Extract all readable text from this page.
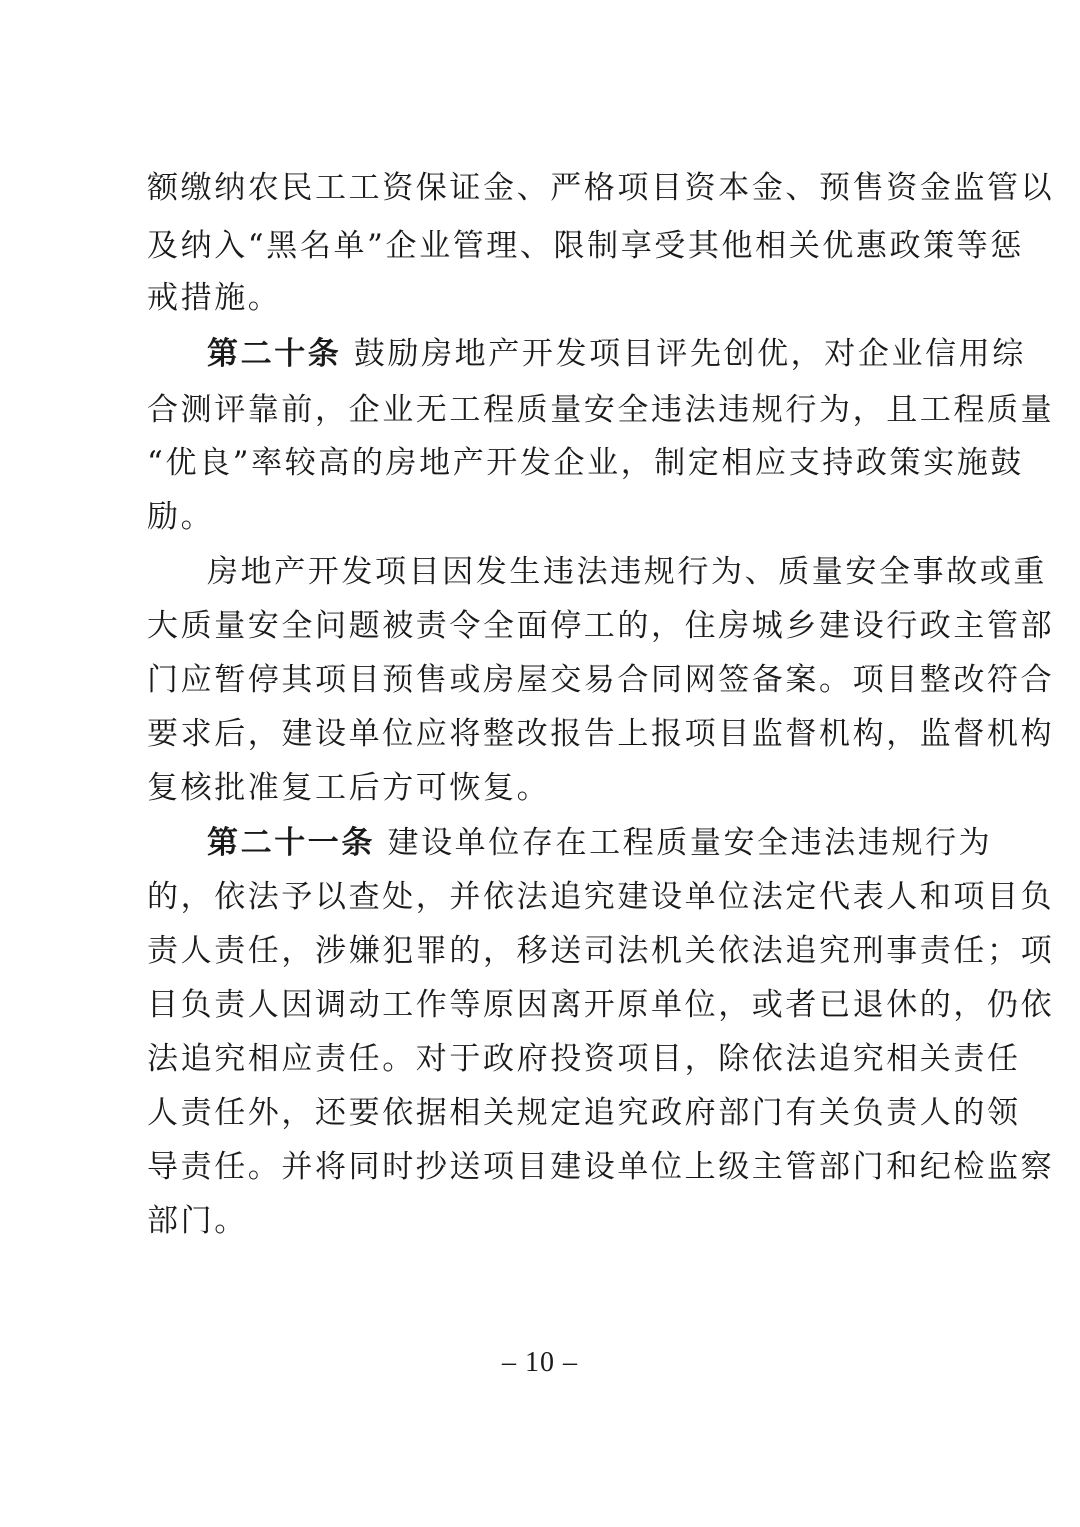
额缴纳农民工工资保证金、严格项目资本金、预售资金监管以
及纳入“黑名单”企业管理、限制享受其他相关优惠政策等惩
戒措施。
第二十条 鼓励房地产开发项目评先创优，对企业信用综
合测评靠前，企业无工程质量安全违法违规行为，且工程质量
“优良”率较高的房地产开发企业，制定相应支持政策实施鼓
励。
房地产开发项目因发生违法违规行为、质量安全事故或重
大质量安全问题被责令全面停工的，住房城乡建设行政主管部
门应暂停其项目预售或房屋交易合同网签备案。项目整改符合
要求后，建设单位应将整改报告上报项目监督机构，监督机构
复核批准复工后方可恢复。
第二十一条 建设单位存在工程质量安全违法违规行为
的，依法予以查处，并依法追究建设单位法定代表人和项目负
责人责任，涉嫌犯罪的，移送司法机关依法追究刑事责任；项
目负责人因调动工作等原因离开原单位，或者已退休的，仍依
法追究相应责任。对于政府投资项目，除依法追究相关责任
人责任外，还要依据相关规定追究政府部门有关负责人的领
导责任。并将同时抄送项目建设单位上级主管部门和纪检监察
部门。
– 10 –
